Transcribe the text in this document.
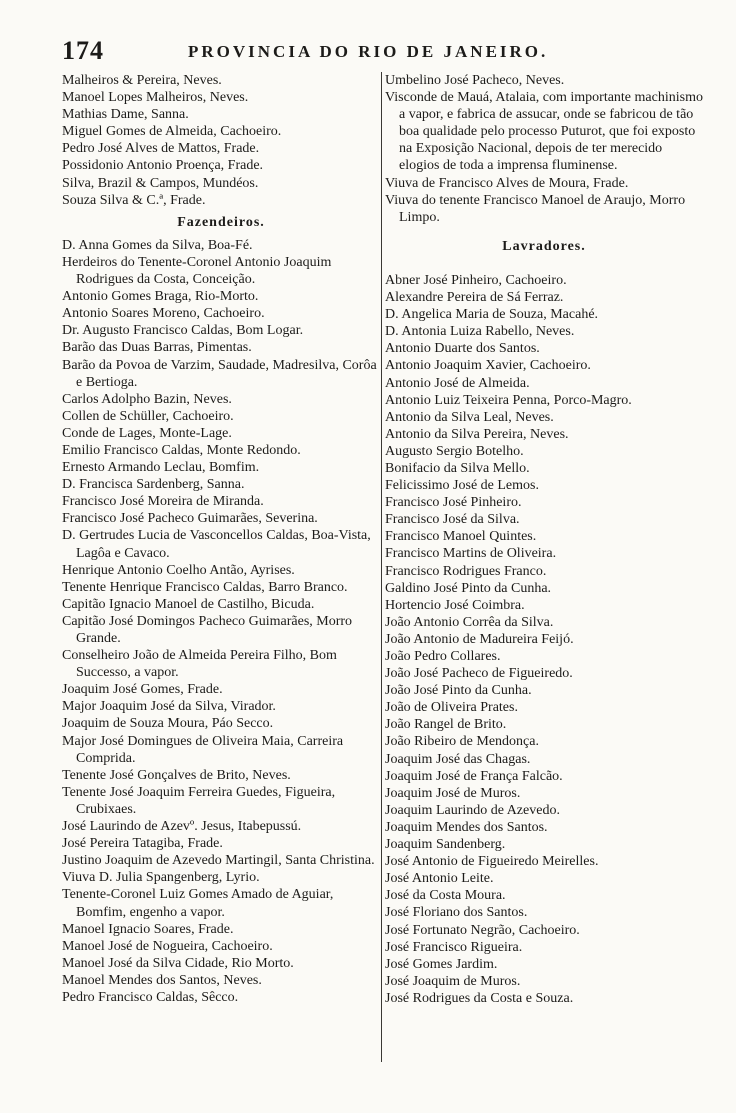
174	PROVINCIA DO RIO DE JANEIRO.

Malheiros & Pereira, Neves.

Manoel Lopes Malheiros, Neves.

Mathias Dame, Sanna.

Miguel Gomes de Almeida, Cachoeiro.

Pedro José Alves de Mattos, Frade.

Possidonio Antonio Proença, Frade.

Silva, Brazil & Campos, Mundéos.

Souza Silva & C.ª, Frade.

Fazendeiros.

D. Anna Gomes da Silva, Boa-Fé.

Herdeiros do Tenente-Coronel Antonio Joaquim Rodrigues da Costa, Conceição.

Antonio Gomes Braga, Rio-Morto.

Antonio Soares Moreno, Cachoeiro.

Dr. Augusto Francisco Caldas, Bom Logar.

Barão das Duas Barras, Pimentas.

Barão da Povoa de Varzim, Saudade, Madresilva, Corôa e Bertioga.

Carlos Adolpho Bazin, Neves.

Collen de Schüller, Cachoeiro.

Conde de Lages, Monte-Lage.

Emilio Francisco Caldas, Monte Redondo.

Ernesto Armando Leclau, Bomfim.

D. Francisca Sardenberg, Sanna.

Francisco José Moreira de Miranda.

Francisco José Pacheco Guimarães, Severina.

D. Gertrudes Lucia de Vasconcellos Caldas, Boa-Vista, Lagôa e Cavaco.

Henrique Antonio Coelho Antão, Ayrises.

Tenente Henrique Francisco Caldas, Barro Branco.

Capitão Ignacio Manoel de Castilho, Bicuda.

Capitão José Domingos Pacheco Guimarães, Morro Grande.

Conselheiro João de Almeida Pereira Filho, Bom Successo, a vapor.

Joaquim José Gomes, Frade.

Major Joaquim José da Silva, Virador.

Joaquim de Souza Moura, Páo Secco.

Major José Domingues de Oliveira Maia, Carreira Comprida.

Tenente José Gonçalves de Brito, Neves.

Tenente José Joaquim Ferreira Guedes, Figueira, Crubixaes.

José Laurindo de Azevº. Jesus, Itabepussú.

José Pereira Tatagiba, Frade.

Justino Joaquim de Azevedo Martingil, Santa Christina.

Viuva D. Julia Spangenberg, Lyrio.

Tenente-Coronel Luiz Gomes Amado de Aguiar, Bomfim, engenho a vapor.

Manoel Ignacio Soares, Frade.

Manoel José de Nogueira, Cachoeiro.

Manoel José da Silva Cidade, Rio Morto.

Manoel Mendes dos Santos, Neves.

Pedro Francisco Caldas, Sêcco.

Umbelino José Pacheco, Neves.

Visconde de Mauá, Atalaia, com importante machinismo a vapor, e fabrica de assucar, onde se fabricou de tão boa qualidade pelo processo Puturot, que foi exposto na Exposição Nacional, depois de ter merecido elogios de toda a imprensa fluminense.

Viuva de Francisco Alves de Moura, Frade.

Viuva do tenente Francisco Manoel de Araujo, Morro Limpo.

Lavradores.

Abner José Pinheiro, Cachoeiro.

Alexandre Pereira de Sá Ferraz.

D. Angelica Maria de Souza, Macahé.

D. Antonia Luiza Rabello, Neves.

Antonio Duarte dos Santos.

Antonio Joaquim Xavier, Cachoeiro.

Antonio José de Almeida.

Antonio Luiz Teixeira Penna, Porco-Magro.

Antonio da Silva Leal, Neves.

Antonio da Silva Pereira, Neves.

Augusto Sergio Botelho.

Bonifacio da Silva Mello.

Felicissimo José de Lemos.

Francisco José Pinheiro.

Francisco José da Silva.

Francisco Manoel Quintes.

Francisco Martins de Oliveira.

Francisco Rodrigues Franco.

Galdino José Pinto da Cunha.

Hortencio José Coimbra.

João Antonio Corrêa da Silva.

João Antonio de Madureira Feijó.

João Pedro Collares.

João José Pacheco de Figueiredo.

João José Pinto da Cunha.

João de Oliveira Prates.

João Rangel de Brito.

João Ribeiro de Mendonça.

Joaquim José das Chagas.

Joaquim José de França Falcão.

Joaquim José de Muros.

Joaquim Laurindo de Azevedo.

Joaquim Mendes dos Santos.

Joaquim Sandenberg.

José Antonio de Figueiredo Meirelles.

José Antonio Leite.

José da Costa Moura.

José Floriano dos Santos.

José Fortunato Negrão, Cachoeiro.

José Francisco Rigueira.

José Gomes Jardim.

José Joaquim de Muros.

José Rodrigues da Costa e Souza.
